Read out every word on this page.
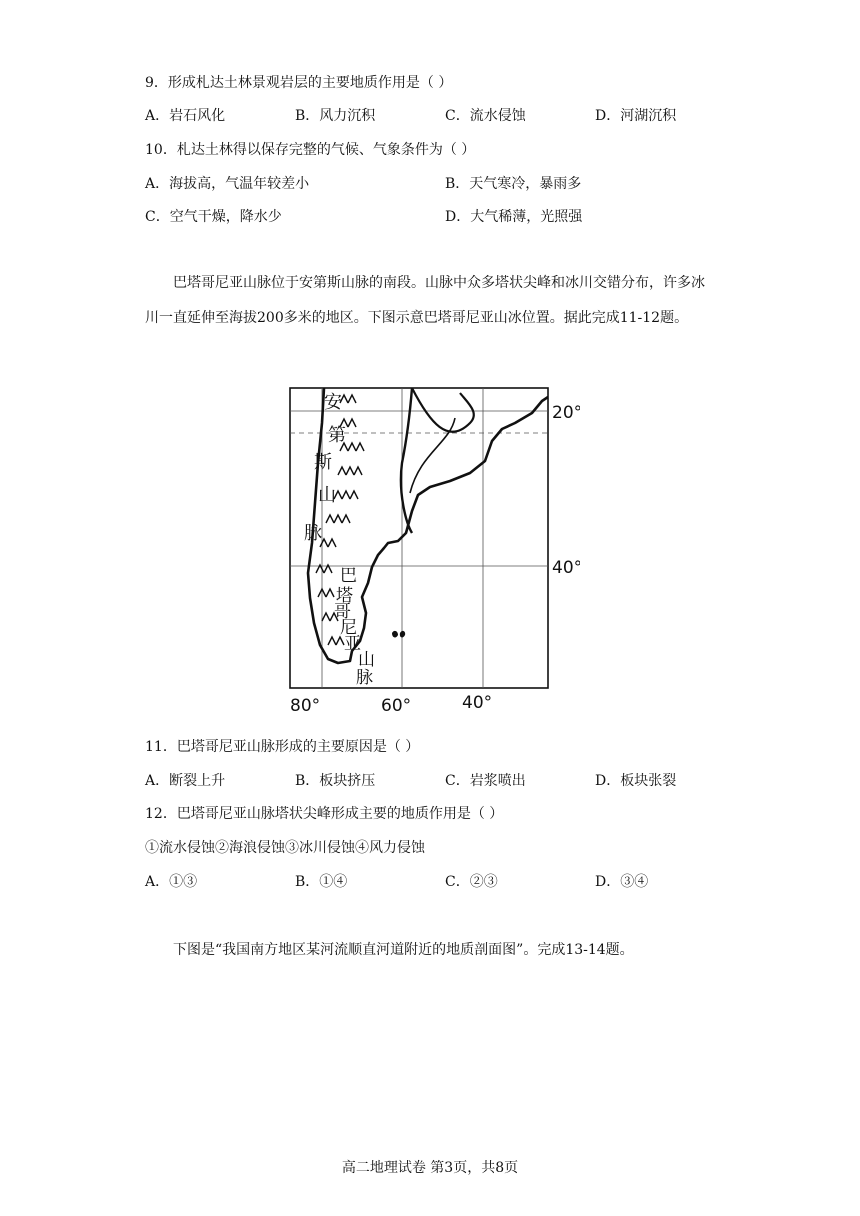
9．形成札达土林景观岩层的主要地质作用是（ ）
A．岩石风化	B．风力沉积	C．流水侵蚀	D．河湖沉积
10．札达土林得以保存完整的气候、气象条件为（ ）
A．海拔高，气温年较差小	B．天气寒冷，暴雨多
C．空气干燥，降水少	D．大气稀薄，光照强
巴塔哥尼亚山脉位于安第斯山脉的南段。山脉中众多塔状尖峰和冰川交错分布，许多冰川一直延伸至海拔200多米的地区。下图示意巴塔哥尼亚山冰位置。据此完成11-12题。
安
第
斯
山
脉
巴
塔
哥
尼
亚
山
脉
20°
40°
80°	60°	40°
11．巴塔哥尼亚山脉形成的主要原因是（ ）
A．断裂上升	B．板块挤压	C．岩浆喷出	D．板块张裂
12．巴塔哥尼亚山脉塔状尖峰形成主要的地质作用是（ ）
①流水侵蚀②海浪侵蚀③冰川侵蚀④风力侵蚀
A．①③	B．①④	C．②③	D．③④
下图是“我国南方地区某河流顺直河道附近的地质剖面图”。完成13-14题。
高二地理试卷 第3页，共8页
